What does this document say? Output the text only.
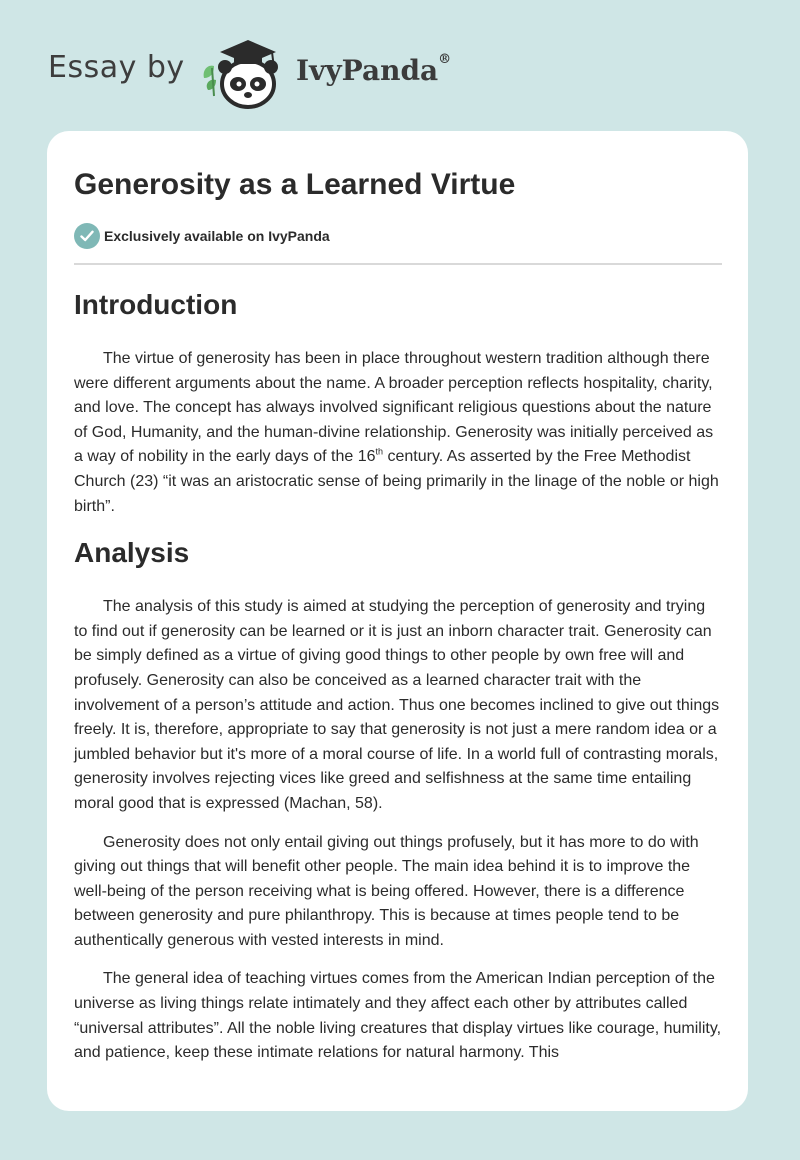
Essay by	IvyPanda®
Generosity as a Learned Virtue
Exclusively available on IvyPanda
Introduction

The virtue of generosity has been in place throughout western tradition although there were different arguments about the name. A broader perception reflects hospitality, charity, and love. The concept has always involved significant religious questions about the nature of God, Humanity, and the human-divine relationship. Generosity was initially perceived as a way of nobility in the early days of the 16th century. As asserted by the Free Methodist Church (23) “it was an aristocratic sense of being primarily in the linage of the noble or high birth”.

Analysis

The analysis of this study is aimed at studying the perception of generosity and trying to find out if generosity can be learned or it is just an inborn character trait. Generosity can be simply defined as a virtue of giving good things to other people by own free will and profusely. Generosity can also be conceived as a learned character trait with the involvement of a person’s attitude and action. Thus one becomes inclined to give out things freely. It is, therefore, appropriate to say that generosity is not just a mere random idea or a jumbled behavior but it's more of a moral course of life. In a world full of contrasting morals, generosity involves rejecting vices like greed and selfishness at the same time entailing moral good that is expressed (Machan, 58).

Generosity does not only entail giving out things profusely, but it has more to do with giving out things that will benefit other people. The main idea behind it is to improve the well-being of the person receiving what is being offered. However, there is a difference between generosity and pure philanthropy. This is because at times people tend to be authentically generous with vested interests in mind.

The general idea of teaching virtues comes from the American Indian perception of the universe as living things relate intimately and they affect each other by attributes called “universal attributes”. All the noble living creatures that display virtues like courage, humility, and patience, keep these intimate relations for natural harmony. This
